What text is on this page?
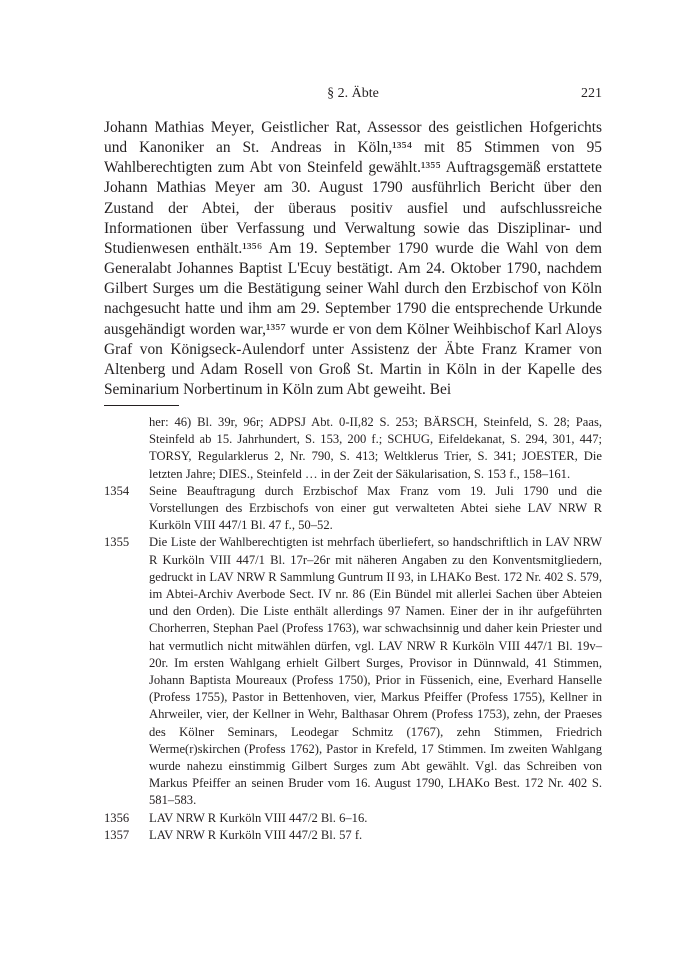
§ 2. Äbte	221

Johann Mathias Meyer, Geistlicher Rat, Assessor des geistlichen Hofgerichts und Kanoniker an St. Andreas in Köln,¹³⁵⁴ mit 85 Stimmen von 95 Wahlberechtigten zum Abt von Steinfeld gewählt.¹³⁵⁵ Auftragsgemäß erstattete Johann Mathias Meyer am 30. August 1790 ausführlich Bericht über den Zustand der Abtei, der überaus positiv ausfiel und aufschlussreiche Informationen über Verfassung und Verwaltung sowie das Disziplinar- und Studienwesen enthält.¹³⁵⁶ Am 19. September 1790 wurde die Wahl von dem Generalabt Johannes Baptist L'Ecuy bestätigt. Am 24. Oktober 1790, nachdem Gilbert Surges um die Bestätigung seiner Wahl durch den Erzbischof von Köln nachgesucht hatte und ihm am 29. September 1790 die entsprechende Urkunde ausgehändigt worden war,¹³⁵⁷ wurde er von dem Kölner Weihbischof Karl Aloys Graf von Königseck-Aulendorf unter Assistenz der Äbte Franz Kramer von Altenberg und Adam Rosell von Groß St. Martin in Köln in der Kapelle des Seminarium Norbertinum in Köln zum Abt geweiht. Bei

her: 46) Bl. 39r, 96r; ADPSJ Abt. 0-II,82 S. 253; BÄRSCH, Steinfeld, S. 28; Paas, Steinfeld ab 15. Jahrhundert, S. 153, 200 f.; SCHUG, Eifeldekanat, S. 294, 301, 447; TORSY, Regularklerus 2, Nr. 790, S. 413; Weltklerus Trier, S. 341; JOESTER, Die letzten Jahre; DIES., Steinfeld … in der Zeit der Säkularisation, S. 153 f., 158–161.
1354 Seine Beauftragung durch Erzbischof Max Franz vom 19. Juli 1790 und die Vorstellungen des Erzbischofs von einer gut verwalteten Abtei siehe LAV NRW R Kurköln VIII 447/1 Bl. 47 f., 50–52.
1355 Die Liste der Wahlberechtigten ist mehrfach überliefert, so handschriftlich in LAV NRW R Kurköln VIII 447/1 Bl. 17r–26r mit näheren Angaben zu den Konventsmitgliedern, gedruckt in LAV NRW R Sammlung Guntrum II 93, in LHAKo Best. 172 Nr. 402 S. 579, im Abtei-Archiv Averbode Sect. IV nr. 86 (Ein Bündel mit allerlei Sachen über Abteien und den Orden). Die Liste enthält allerdings 97 Namen. Einer der in ihr aufgeführten Chorherren, Stephan Pael (Profess 1763), war schwachsinnig und daher kein Priester und hat vermutlich nicht mitwählen dürfen, vgl. LAV NRW R Kurköln VIII 447/1 Bl. 19v–20r. Im ersten Wahlgang erhielt Gilbert Surges, Provisor in Dünnwald, 41 Stimmen, Johann Baptista Moureaux (Profess 1750), Prior in Füssenich, eine, Everhard Hanselle (Profess 1755), Pastor in Bettenhoven, vier, Markus Pfeiffer (Profess 1755), Kellner in Ahrweiler, vier, der Kellner in Wehr, Balthasar Ohrem (Profess 1753), zehn, der Praeses des Kölner Seminars, Leodegar Schmitz (1767), zehn Stimmen, Friedrich Werme(r)skirchen (Profess 1762), Pastor in Krefeld, 17 Stimmen. Im zweiten Wahlgang wurde nahezu einstimmig Gilbert Surges zum Abt gewählt. Vgl. das Schreiben von Markus Pfeiffer an seinen Bruder vom 16. August 1790, LHAKo Best. 172 Nr. 402 S. 581–583.
1356 LAV NRW R Kurköln VIII 447/2 Bl. 6–16.
1357 LAV NRW R Kurköln VIII 447/2 Bl. 57 f.
